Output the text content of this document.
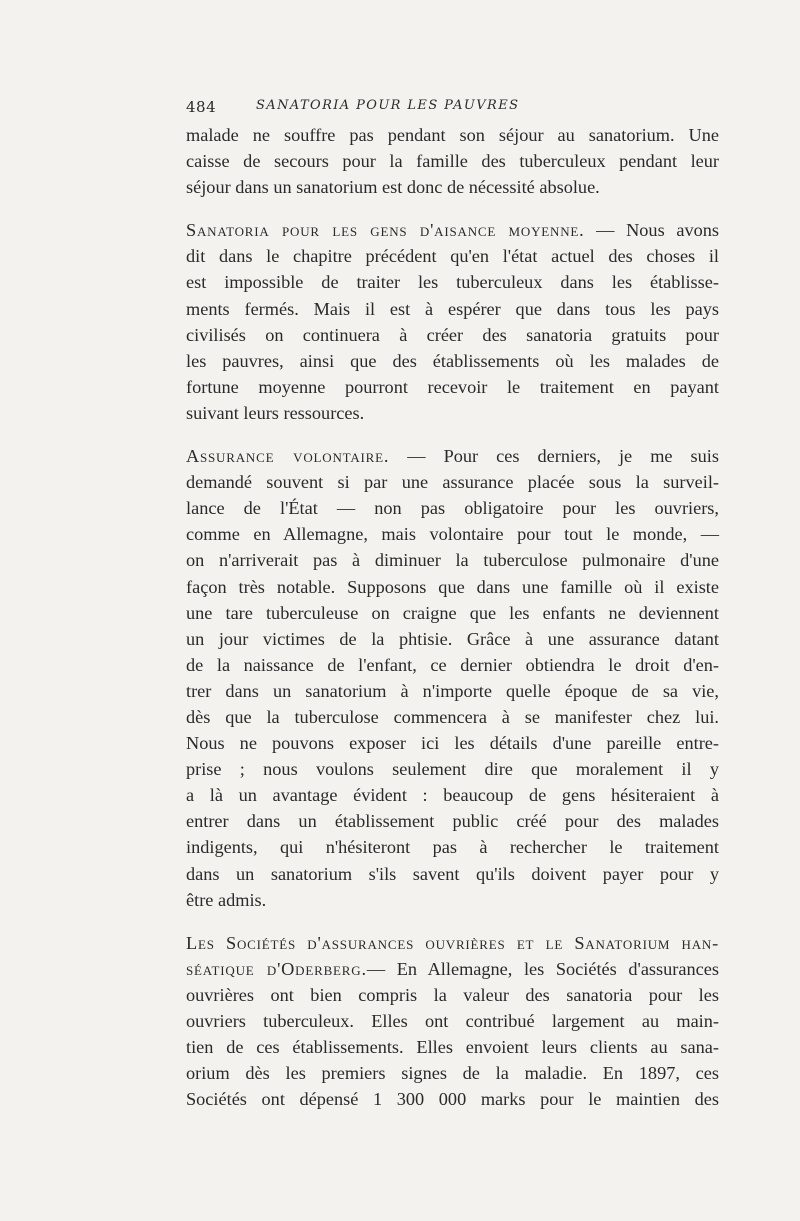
484	SANATORIA POUR LES PAUVRES
malade ne souffre pas pendant son séjour au sanatorium. Une
caisse de secours pour la famille des tuberculeux pendant leur
séjour dans un sanatorium est donc de nécessité absolue.
Sanatoria pour les gens d'aisance moyenne. — Nous avons
dit dans le chapitre précédent qu'en l'état actuel des choses il
est impossible de traiter les tuberculeux dans les établisse-
ments fermés. Mais il est à espérer que dans tous les pays
civilisés on continuera à créer des sanatoria gratuits pour
les pauvres, ainsi que des établissements où les malades de
fortune moyenne pourront recevoir le traitement en payant
suivant leurs ressources.
Assurance volontaire. — Pour ces derniers, je me suis
demandé souvent si par une assurance placée sous la surveil-
lance de l'État — non pas obligatoire pour les ouvriers,
comme en Allemagne, mais volontaire pour tout le monde, —
on n'arriverait pas à diminuer la tuberculose pulmonaire d'une
façon très notable. Supposons que dans une famille où il existe
une tare tuberculeuse on craigne que les enfants ne deviennent
un jour victimes de la phtisie. Grâce à une assurance datant
de la naissance de l'enfant, ce dernier obtiendra le droit d'en-
trer dans un sanatorium à n'importe quelle époque de sa vie,
dès que la tuberculose commencera à se manifester chez lui.
Nous ne pouvons exposer ici les détails d'une pareille entre-
prise ; nous voulons seulement dire que moralement il y
a là un avantage évident : beaucoup de gens hésiteraient à
entrer dans un établissement public créé pour des malades
indigents, qui n'hésiteront pas à rechercher le traitement
dans un sanatorium s'ils savent qu'ils doivent payer pour y
être admis.
Les Sociétés d'assurances ouvrières et le Sanatorium han-
séatique d'Oderberg.— En Allemagne, les Sociétés d'assurances
ouvrières ont bien compris la valeur des sanatoria pour les
ouvriers tuberculeux. Elles ont contribué largement au main-
tien de ces établissements. Elles envoient leurs clients au sana-
orium dès les premiers signes de la maladie. En 1897, ces
Sociétés ont dépensé 1 300 000 marks pour le maintien des
